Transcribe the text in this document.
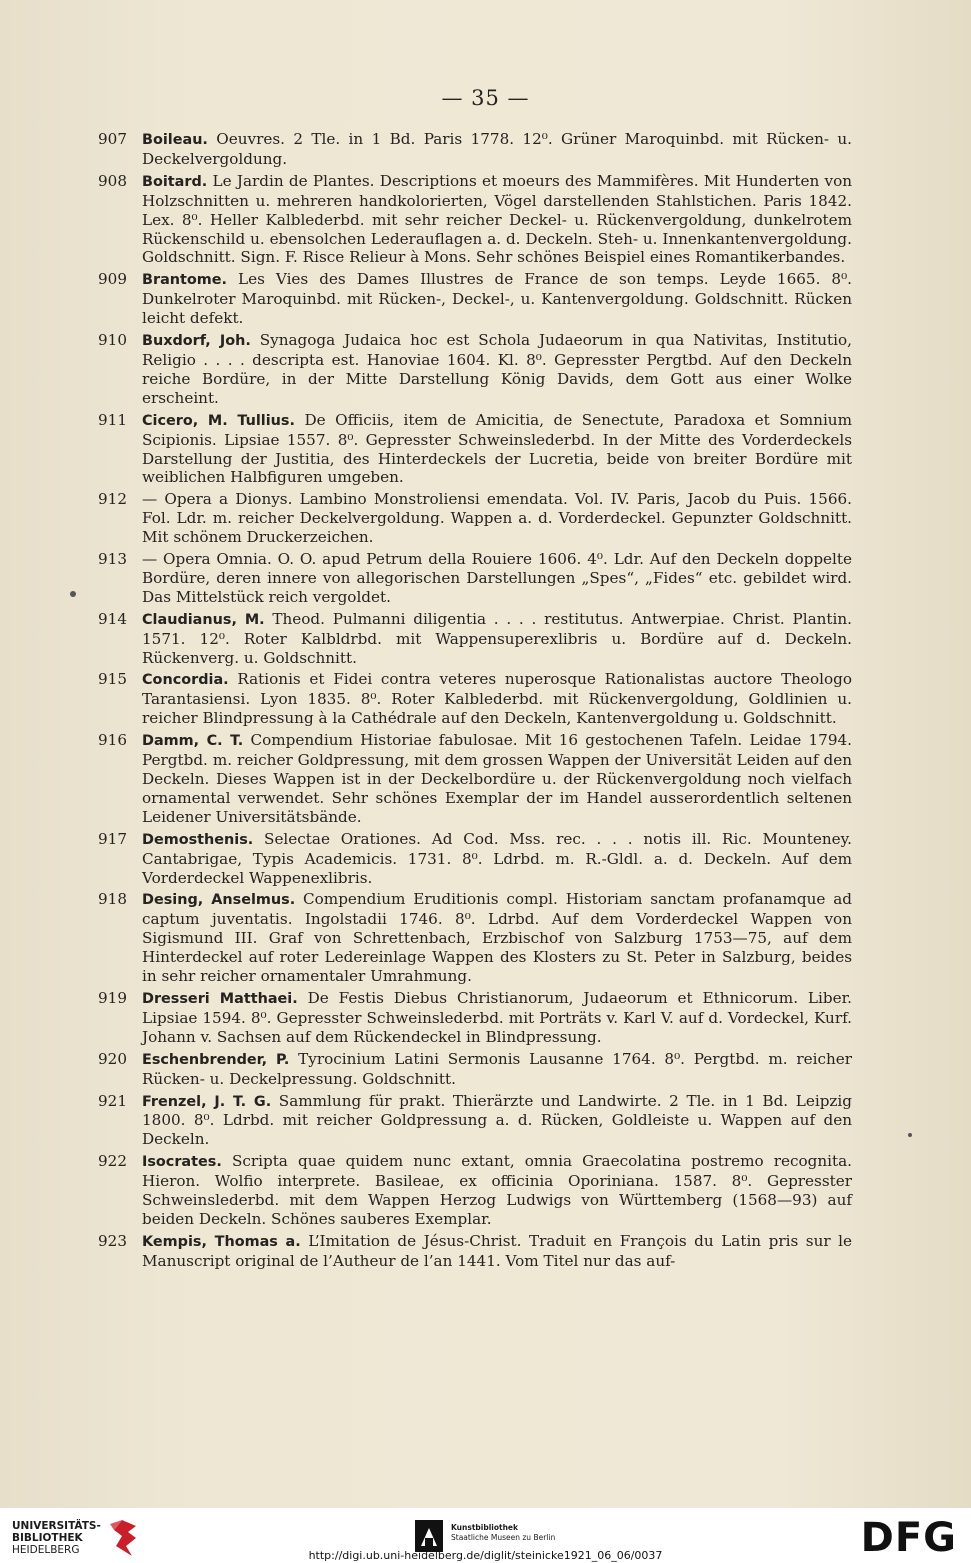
— 35 —
907	Boileau. Oeuvres. 2 Tle. in 1 Bd. Paris 1778. 12⁰. Grüner Maroquinbd. mit Rücken- u. Deckelvergoldung.
908	Boitard. Le Jardin de Plantes. Descriptions et moeurs des Mammifères. Mit Hunderten von Holzschnitten u. mehreren handkolorierten, Vögel darstellenden Stahlstichen. Paris 1842. Lex. 8⁰. Heller Kalblederbd. mit sehr reicher Deckel- u. Rückenvergoldung, dunkelrotem Rückenschild u. ebensolchen Lederauflagen a. d. Deckeln. Steh- u. Innenkantenvergoldung. Goldschnitt. Sign. F. Risce Relieur à Mons. Sehr schönes Beispiel eines Romantikerbandes.
909	Brantome. Les Vies des Dames Illustres de France de son temps. Leyde 1665. 8⁰. Dunkelroter Maroquinbd. mit Rücken-, Deckel-, u. Kantenvergoldung. Goldschnitt. Rücken leicht defekt.
910	Buxdorf, Joh. Synagoga Judaica hoc est Schola Judaeorum in qua Nativitas, Institutio, Religio . . . . descripta est. Hanoviae 1604. Kl. 8⁰. Gepresster Pergtbd. Auf den Deckeln reiche Bordüre, in der Mitte Darstellung König Davids, dem Gott aus einer Wolke erscheint.
911	Cicero, M. Tullius. De Officiis, item de Amicitia, de Senectute, Paradoxa et Somnium Scipionis. Lipsiae 1557. 8⁰. Gepresster Schweinslederbd. In der Mitte des Vorderdeckels Darstellung der Justitia, des Hinterdeckels der Lucretia, beide von breiter Bordüre mit weiblichen Halbfiguren umgeben.
912 — Opera a Dionys. Lambino Monstroliensi emendata. Vol. IV. Paris, Jacob du Puis. 1566. Fol. Ldr. m. reicher Deckelvergoldung. Wappen a. d. Vorderdeckel. Gepunzter Goldschnitt. Mit schönem Druckerzeichen.
913 — Opera Omnia. O. O. apud Petrum della Rouiere 1606. 4⁰. Ldr. Auf den Deckeln doppelte Bordüre, deren innere von allegorischen Darstellungen „Spes“, „Fides“ etc. gebildet wird. Das Mittelstück reich vergoldet.
914	Claudianus, M. Theod. Pulmanni diligentia . . . . restitutus. Antwerpiae. Christ. Plantin. 1571. 12⁰. Roter Kalbldrbd. mit Wappensuperexlibris u. Bordüre auf d. Deckeln. Rückenverg. u. Goldschnitt.
915	Concordia. Rationis et Fidei contra veteres nuperosque Rationalistas auctore Theologo Tarantasiensi. Lyon 1835. 8⁰. Roter Kalblederbd. mit Rückenvergoldung, Goldlinien u. reicher Blindpressung à la Cathédrale auf den Deckeln, Kantenvergoldung u. Goldschnitt.
916	Damm, C. T. Compendium Historiae fabulosae. Mit 16 gestochenen Tafeln. Leidae 1794. Pergtbd. m. reicher Goldpressung, mit dem grossen Wappen der Universität Leiden auf den Deckeln. Dieses Wappen ist in der Deckelbordüre u. der Rückenvergoldung noch vielfach ornamental verwendet. Sehr schönes Exemplar der im Handel ausserordentlich seltenen Leidener Universitätsbände.
917	Demosthenis. Selectae Orationes. Ad Cod. Mss. rec. . . . notis ill. Ric. Mounteney. Cantabrigae, Typis Academicis. 1731. 8⁰. Ldrbd. m. R.-Gldl. a. d. Deckeln. Auf dem Vorderdeckel Wappenexlibris.
918	Desing, Anselmus. Compendium Eruditionis compl. Historiam sanctam profanamque ad captum juventatis. Ingolstadii 1746. 8⁰. Ldrbd. Auf dem Vorderdeckel Wappen von Sigismund III. Graf von Schrettenbach, Erzbischof von Salzburg 1753—75, auf dem Hinterdeckel auf roter Ledereinlage Wappen des Klosters zu St. Peter in Salzburg, beides in sehr reicher ornamentaler Umrahmung.
919	Dresseri Matthaei. De Festis Diebus Christianorum, Judaeorum et Ethnicorum. Liber. Lipsiae 1594. 8⁰. Gepresster Schweinslederbd. mit Porträts v. Karl V. auf d. Vordeckel, Kurf. Johann v. Sachsen auf dem Rückendeckel in Blindpressung.
920	Eschenbrender, P. Tyrocinium Latini Sermonis Lausanne 1764. 8⁰. Pergtbd. m. reicher Rücken- u. Deckelpressung. Goldschnitt.
921	Frenzel, J. T. G. Sammlung für prakt. Thierärzte und Landwirte. 2 Tle. in 1 Bd. Leipzig 1800. 8⁰. Ldrbd. mit reicher Goldpressung a. d. Rücken, Goldleiste u. Wappen auf den Deckeln.
922	Isocrates. Scripta quae quidem nunc extant, omnia Graecolatina postremo recognita. Hieron. Wolfio interprete. Basileae, ex officinia Oporiniana. 1587. 8⁰. Gepresster Schweinslederbd. mit dem Wappen Herzog Ludwigs von Württemberg (1568—93) auf beiden Deckeln. Schönes sauberes Exemplar.
923	Kempis, Thomas a. L’Imitation de Jésus-Christ. Traduit en François du Latin pris sur le Manuscript original de l’Autheur de l’an 1441. Vom Titel nur das auf-
UNIVERSITÄTS-
BIBLIOTHEK
HEIDELBERG
Kunstbibliothek
Staatliche Museen zu Berlin	DFG
http://digi.ub.uni-heidelberg.de/diglit/steinicke1921_06_06/0037
